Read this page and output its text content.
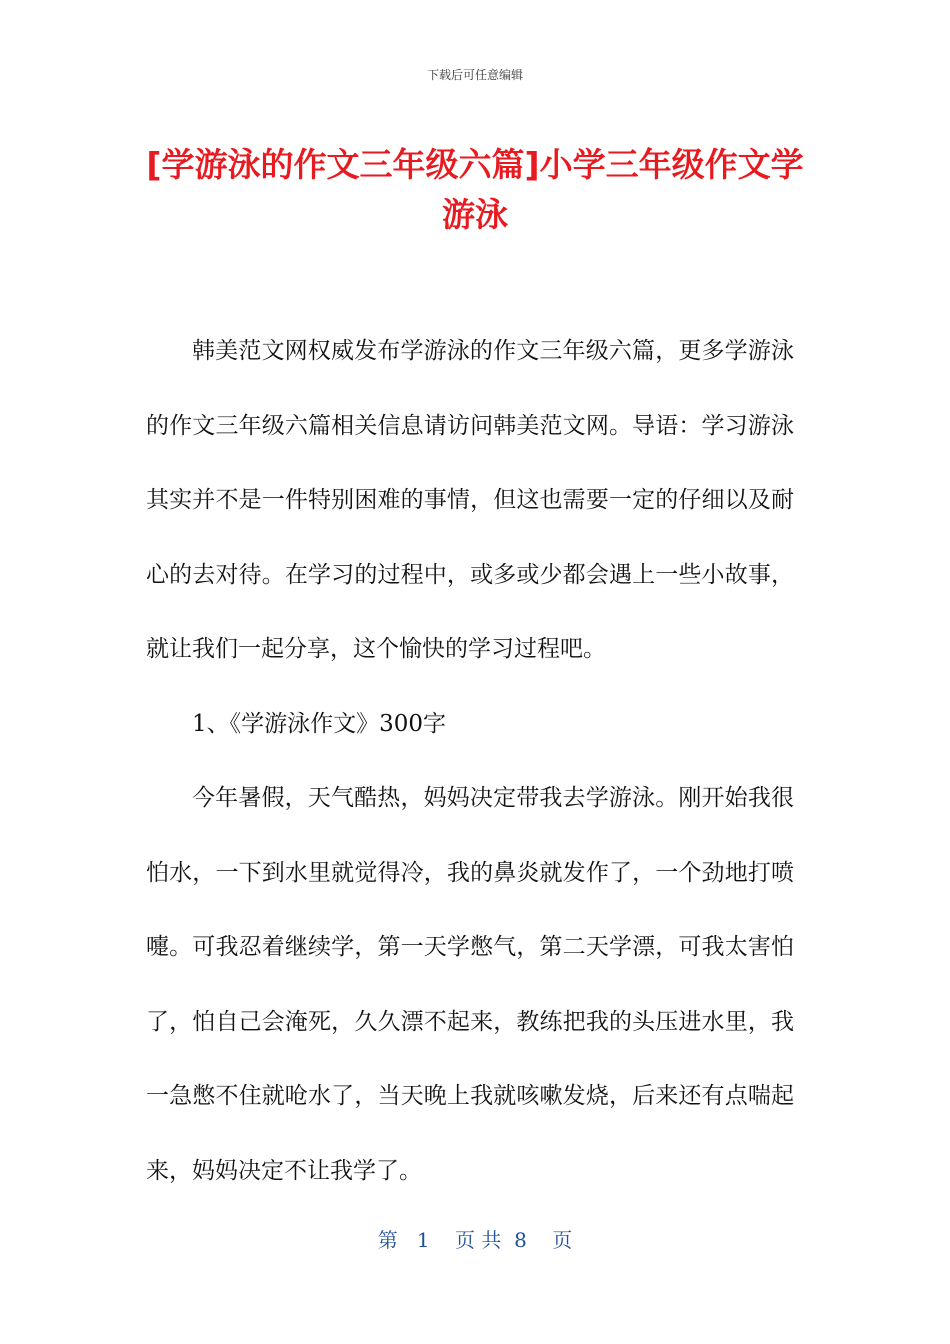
下载后可任意编辑
[学游泳的作文三年级六篇]小学三年级作文学游泳

韩美范文网权威发布学游泳的作文三年级六篇，更多学游泳的作文三年级六篇相关信息请访问韩美范文网。导语：学习游泳其实并不是一件特别困难的事情，但这也需要一定的仔细以及耐心的去对待。在学习的过程中，或多或少都会遇上一些小故事，就让我们一起分享，这个愉快的学习过程吧。

1、《学游泳作文》300字

今年暑假，天气酷热，妈妈决定带我去学游泳。刚开始我很怕水，一下到水里就觉得冷，我的鼻炎就发作了，一个劲地打喷嚏。可我忍着继续学，第一天学憋气，第二天学漂，可我太害怕了，怕自己会淹死，久久漂不起来，教练把我的头压进水里，我一急憋不住就呛水了，当天晚上我就咳嗽发烧，后来还有点喘起来，妈妈决定不让我学了。

第   1    页 共  8    页
